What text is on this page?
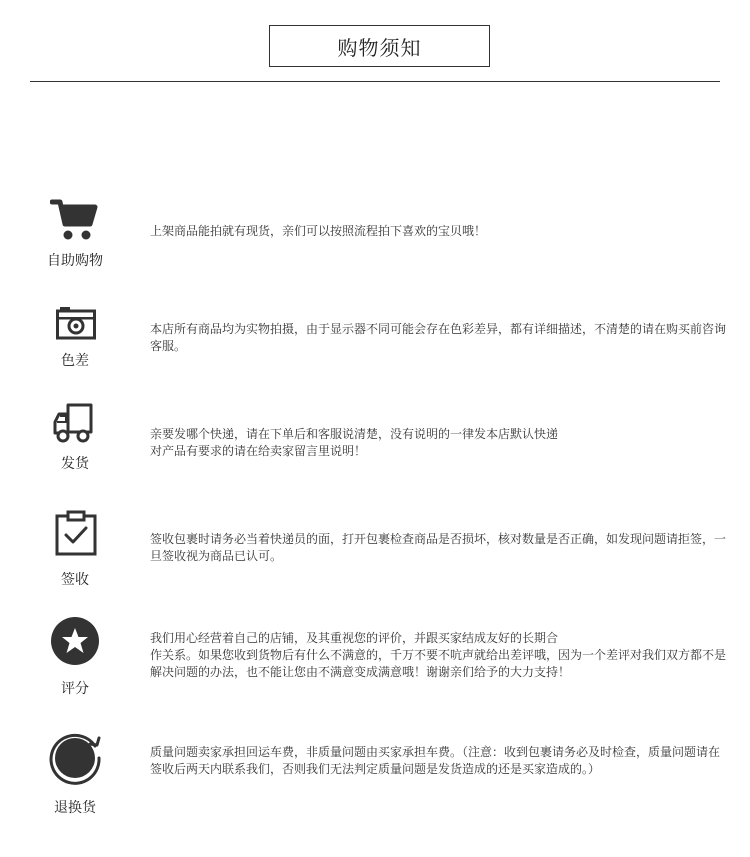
购物须知
自助购物

上架商品能拍就有现货，亲们可以按照流程拍下喜欢的宝贝哦！

色差

本店所有商品均为实物拍摄，由于显示器不同可能会存在色彩差异，都有详细描述，不清楚的请在购买前咨询客服。

发货

亲要发哪个快递，请在下单后和客服说清楚，没有说明的一律发本店默认快递

对产品有要求的请在给卖家留言里说明！

签收

签收包裹时请务必当着快递员的面，打开包裹检查商品是否损坏，核对数量是否正确，如发现问题请拒签，一旦签收视为商品已认可。

评分

我们用心经营着自己的店铺，及其重视您的评价，并跟买家结成友好的长期合

作关系。如果您收到货物后有什么不满意的，千万不要不吭声就给出差评哦，因为一个差评对我们双方都不是解决问题的办法，也不能让您由不满意变成满意哦！谢谢亲们给予的大力支持！

退换货

质量问题卖家承担回运车费，非质量问题由买家承担车费。（注意：收到包裹请务必及时检查，质量问题请在签收后两天内联系我们，否则我们无法判定质量问题是发货造成的还是买家造成的。）
